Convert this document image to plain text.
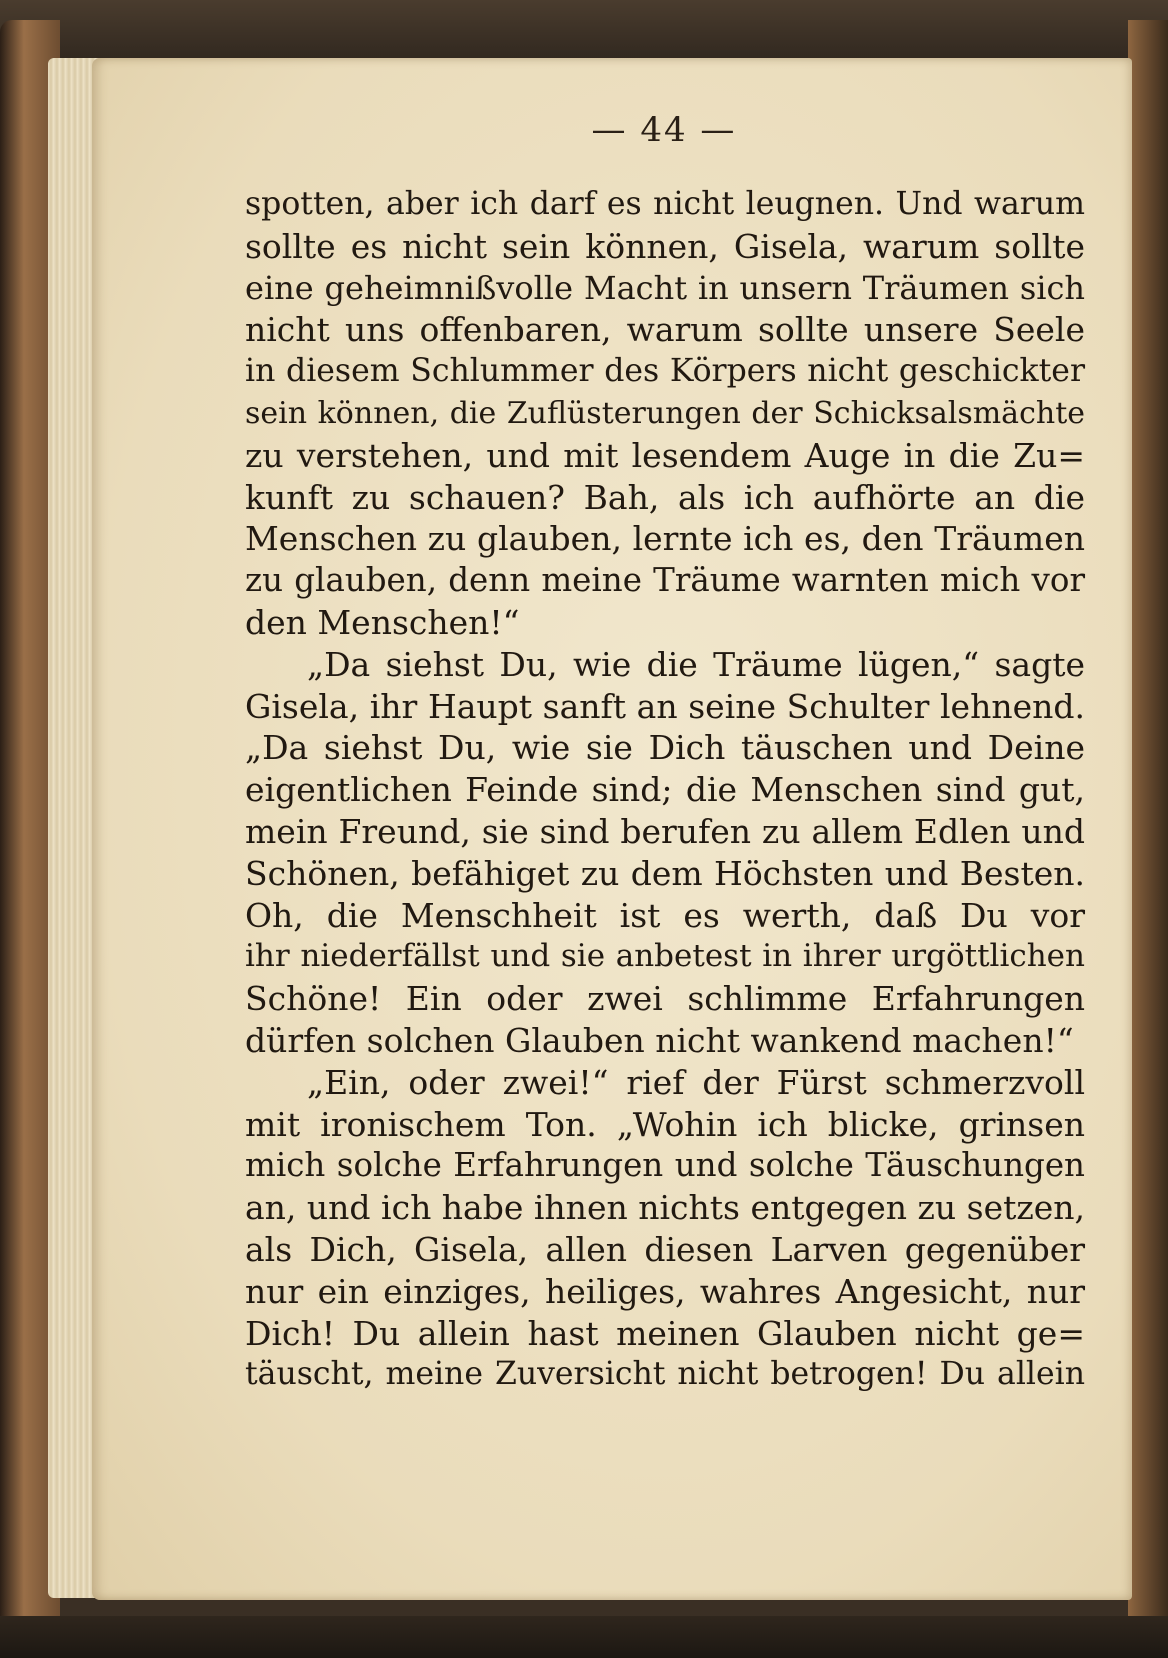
— 44 —
spotten, aber ich darf es nicht leugnen. Und warum
sollte es nicht sein können, Gisela, warum sollte
eine geheimnißvolle Macht in unsern Träumen sich
nicht uns offenbaren, warum sollte unsere Seele
in diesem Schlummer des Körpers nicht geschickter
sein können, die Zuflüsterungen der Schicksalsmächte
zu verstehen, und mit lesendem Auge in die Zu=
kunft zu schauen? Bah, als ich aufhörte an die
Menschen zu glauben, lernte ich es, den Träumen
zu glauben, denn meine Träume warnten mich vor
den Menschen!“
„Da siehst Du, wie die Träume lügen,“ sagte
Gisela, ihr Haupt sanft an seine Schulter lehnend.
„Da siehst Du, wie sie Dich täuschen und Deine
eigentlichen Feinde sind; die Menschen sind gut,
mein Freund, sie sind berufen zu allem Edlen und
Schönen, befähiget zu dem Höchsten und Besten.
Oh, die Menschheit ist es werth, daß Du vor
ihr niederfällst und sie anbetest in ihrer urgöttlichen
Schöne! Ein oder zwei schlimme Erfahrungen
dürfen solchen Glauben nicht wankend machen!“
„Ein, oder zwei!“ rief der Fürst schmerzvoll
mit ironischem Ton. „Wohin ich blicke, grinsen
mich solche Erfahrungen und solche Täuschungen
an, und ich habe ihnen nichts entgegen zu setzen,
als Dich, Gisela, allen diesen Larven gegenüber
nur ein einziges, heiliges, wahres Angesicht, nur
Dich! Du allein hast meinen Glauben nicht ge=
täuscht, meine Zuversicht nicht betrogen! Du allein
